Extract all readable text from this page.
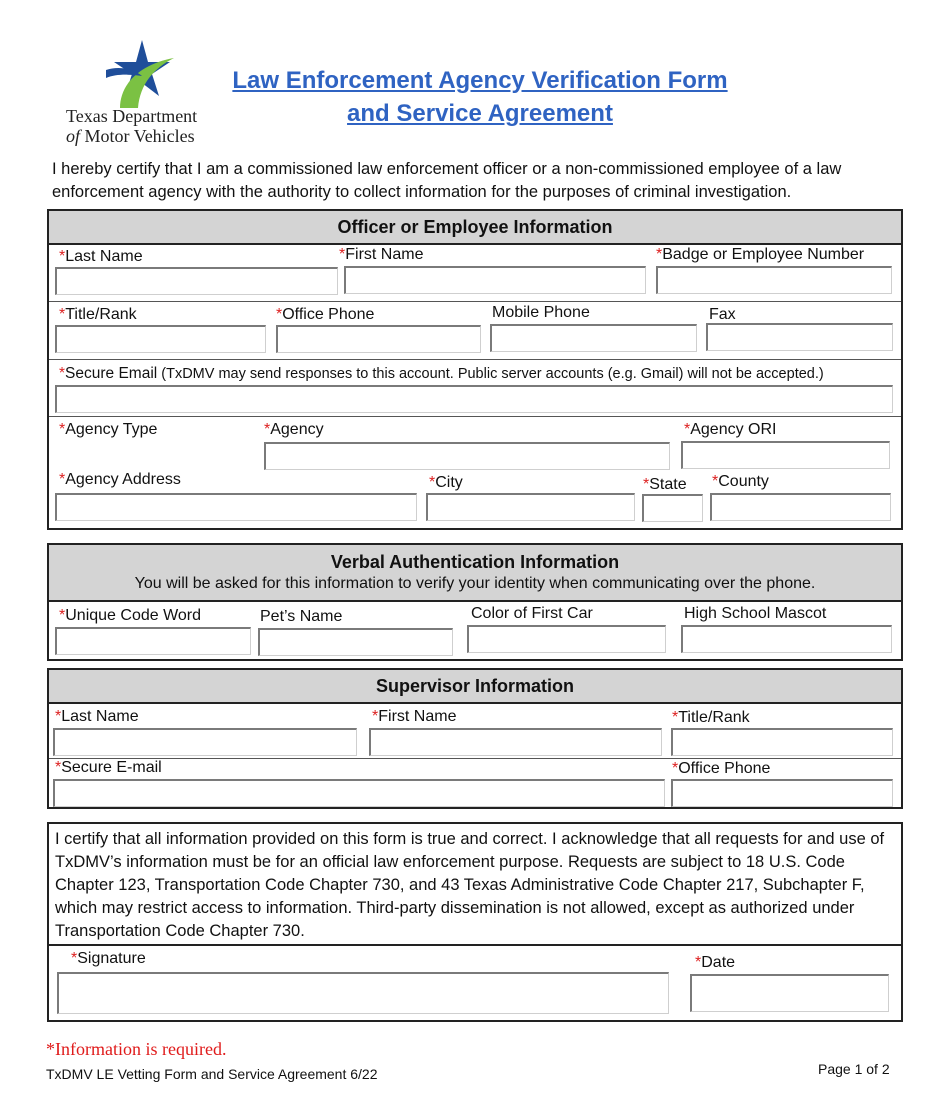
Texas Department
of Motor Vehicles
Law Enforcement Agency Verification Form
and Service Agreement
I hereby certify that I am a commissioned law enforcement officer or a non-commissioned employee of a law enforcement agency with the authority to collect information for the purposes of criminal investigation.
Officer or Employee Information
*Last Name	*First Name	*Badge or Employee Number
*Title/Rank	*Office Phone	Mobile Phone	Fax
*Secure Email (TxDMV may send responses to this account. Public server accounts (e.g. Gmail) will not be accepted.)
*Agency Type	*Agency	*Agency ORI
*Agency Address	*City	*State *County
Verbal Authentication Information
You will be asked for this information to verify your identity when communicating over the phone.
*Unique Code Word	Pet’s Name	Color of First Car	High School Mascot
Supervisor Information
*Last Name	*First Name	*Title/Rank
*Secure E-mail	*Office Phone
I certify that all information provided on this form is true and correct. I acknowledge that all requests for and use of TxDMV’s information must be for an official law enforcement purpose. Requests are subject to 18 U.S. Code Chapter 123, Transportation Code Chapter 730, and 43 Texas Administrative Code Chapter 217, Subchapter F, which may restrict access to information. Third-party dissemination is not allowed, except as authorized under Transportation Code Chapter 730.
*Signature	*Date
*Information is required.
TxDMV LE Vetting Form and Service Agreement 6/22	Page 1 of 2
